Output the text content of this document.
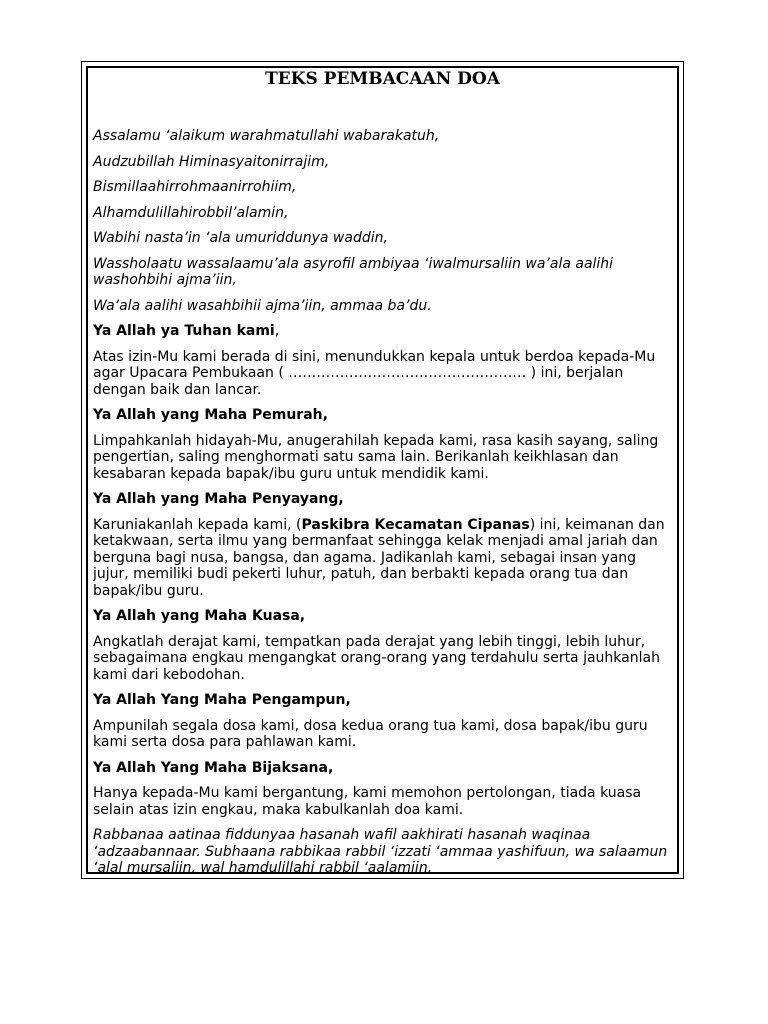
TEKS PEMBACAAN DOA

Assalamu ‘alaikum warahmatullahi wabarakatuh,

Audzubillah Himinasyaitonirrajim,

Bismillaahirrohmaanirrohiim,

Alhamdulillahirobbil’alamin,

Wabihi nasta’in ‘ala umuriddunya waddin,

Wassholaatu wassalaamu’ala asyrofil ambiyaa ‘iwalmursaliin wa’ala aalihi washohbihi ajma’iin,

Wa’ala aalihi wasahbihii ajma’iin, ammaa ba’du.

Ya Allah ya Tuhan kami,

Atas izin-Mu kami berada di sini, menundukkan kepala untuk berdoa kepada-Mu agar Upacara Pembukaan ( …………………………………………… ) ini, berjalan dengan baik dan lancar.

Ya Allah yang Maha Pemurah,

Limpahkanlah hidayah-Mu, anugerahilah kepada kami, rasa kasih sayang, saling pengertian, saling menghormati satu sama lain. Berikanlah keikhlasan dan kesabaran kepada bapak/ibu guru untuk mendidik kami.

Ya Allah yang Maha Penyayang,

Karuniakanlah kepada kami, (Paskibra Kecamatan Cipanas) ini, keimanan dan ketakwaan, serta ilmu yang bermanfaat sehingga kelak menjadi amal jariah dan berguna bagi nusa, bangsa, dan agama. Jadikanlah kami, sebagai insan yang jujur, memiliki budi pekerti luhur, patuh, dan berbakti kepada orang tua dan bapak/ibu guru.

Ya Allah yang Maha Kuasa,

Angkatlah derajat kami, tempatkan pada derajat yang lebih tinggi, lebih luhur, sebagaimana engkau mengangkat orang-orang yang terdahulu serta jauhkanlah kami dari kebodohan.

Ya Allah Yang Maha Pengampun,

Ampunilah segala dosa kami, dosa kedua orang tua kami, dosa bapak/ibu guru kami serta dosa para pahlawan kami.

Ya Allah Yang Maha Bijaksana,

Hanya kepada-Mu kami bergantung, kami memohon pertolongan, tiada kuasa selain atas izin engkau, maka kabulkanlah doa kami.

Rabbanaa aatinaa fiddunyaa hasanah wafil aakhirati hasanah waqinaa ‘adzaabannaar. Subhaana rabbikaa rabbil ‘izzati ‘ammaa yashifuun, wa salaamun ‘alal mursaliin, wal hamdulillahi rabbil ‘aalamiin.
